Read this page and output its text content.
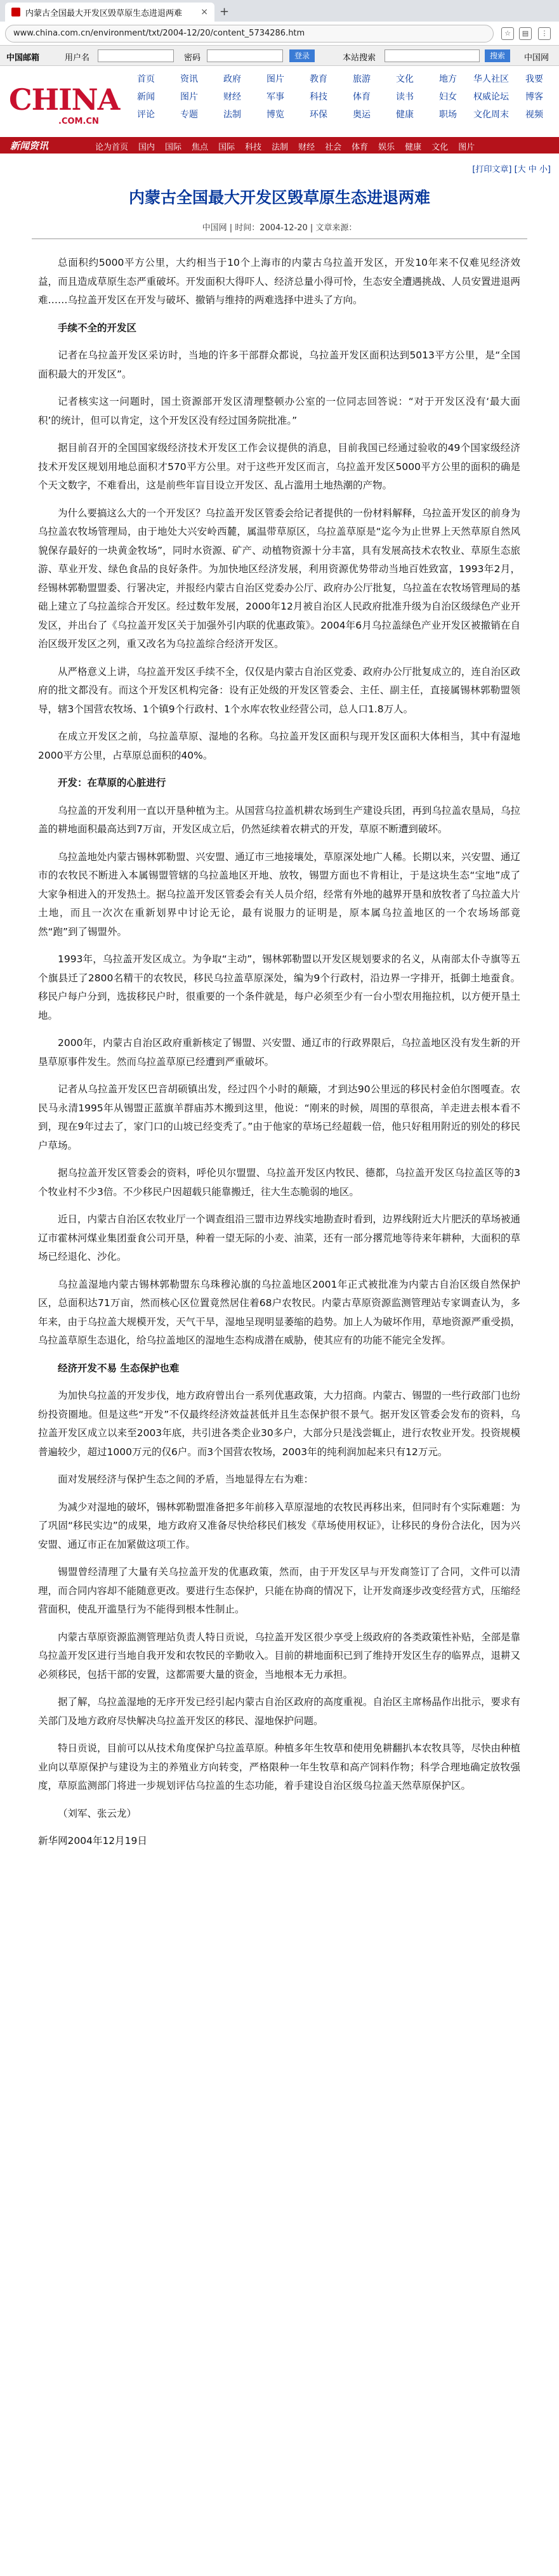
内蒙古全国最大开发区毁草原生态进退两难	× +
www.china.com.cn/environment/txt/2004-12/20/content_5734286.htm	☆	▤	⋮
中国邮箱	用户名	密码	登录	本站搜索	搜索	中国网
CHINA
.COM.CN
首页	资讯	政府	图片	教育	旅游	文化	地方	华人社区	我要
新闻	图片	财经	军事	科技	体育	读书	妇女	权威论坛	博客
评论	专题	法制	博览	环保	奥运	健康	职场	文化周末	视频
新闻资讯	论为首页 国内 国际 焦点 国际 科技 法制 财经 社会 体育 娱乐 健康 文化 图片
[打印文章] [大 中 小]
内蒙古全国最大开发区毁草原生态进退两难
中国网 | 时间：2004-12-20 | 文章来源：

总面积约5000平方公里，大约相当于10个上海市的内蒙古乌拉盖开发区，开发10年来不仅难见经济效益，而且造成草原生态严重破坏。开发面积大得吓人、经济总量小得可怜，生态安全遭遇挑战、人员安置进退两难……乌拉盖开发区在开发与破坏、撤销与维持的两难选择中进头了方向。

手续不全的开发区

记者在乌拉盖开发区采访时，当地的许多干部群众都说，乌拉盖开发区面积达到5013平方公里，是“全国面积最大的开发区”。

记者核实这一问题时，国土资源部开发区清理整顿办公室的一位同志回答说：“对于开发区没有‘最大面积’的统计，但可以肯定，这个开发区没有经过国务院批准。”

据目前召开的全国国家级经济技术开发区工作会议提供的消息，目前我国已经通过验收的49个国家级经济技术开发区规划用地总面积才570平方公里。对于这些开发区而言，乌拉盖开发区5000平方公里的面积的确是个天文数字，不难看出，这是前些年盲目设立开发区、乱占滥用土地热潮的产物。

为什么要搞这么大的一个开发区？乌拉盖开发区管委会给记者提供的一份材料解释，乌拉盖开发区的前身为乌拉盖农牧场管理局，由于地处大兴安岭西麓，属温带草原区，乌拉盖草原是“迄今为止世界上天然草原自然风貌保存最好的一块黄金牧场”，同时水资源、矿产、动植物资源十分丰富，具有发展高技术农牧业、草原生态旅游、草业开发、绿色食品的良好条件。为加快地区经济发展，利用资源优势带动当地百姓致富，1993年2月，经锡林郭勒盟盟委、行署决定，并报经内蒙古自治区党委办公厅、政府办公厅批复，乌拉盖在农牧场管理局的基础上建立了乌拉盖综合开发区。经过数年发展，2000年12月被自治区人民政府批准升级为自治区级绿色产业开发区，并出台了《乌拉盖开发区关于加强外引内联的优惠政策》。2004年6月乌拉盖绿色产业开发区被撤销在自治区级开发区之列，重又改名为乌拉盖综合经济开发区。

从严格意义上讲，乌拉盖开发区手续不全，仅仅是内蒙古自治区党委、政府办公厅批复成立的，连自治区政府的批文都没有。而这个开发区机构完备：设有正处级的开发区管委会、主任、副主任，直接属锡林郭勒盟领导，辖3个国营农牧场、1个镇9个行政村、1个水库农牧业经营公司，总人口1.8万人。

在成立开发区之前，乌拉盖草原、湿地的名称。乌拉盖开发区面积与现开发区面积大体相当，其中有湿地2000平方公里，占草原总面积的40%。

开发：在草原的心脏进行

乌拉盖的开发利用一直以开垦种植为主。从国营乌拉盖机耕农场到生产建设兵团，再到乌拉盖农垦局，乌拉盖的耕地面积最高达到7万亩，开发区成立后，仍然延续着农耕式的开发，草原不断遭到破坏。

乌拉盖地处内蒙古锡林郭勒盟、兴安盟、通辽市三地接壤处，草原深处地广人稀。长期以来，兴安盟、通辽市的农牧民不断进入本属锡盟管辖的乌拉盖地区开地、放牧，锡盟方面也不肯相让，于是这块生态“宝地”成了大家争相进入的开发热土。据乌拉盖开发区管委会有关人员介绍，经常有外地的越界开垦和放牧者了乌拉盖大片土地，而且一次次在重新划界中讨论无论，最有说服力的证明是，原本属乌拉盖地区的一个农场场部竟然“跑”到了锡盟外。

1993年，乌拉盖开发区成立。为争取“主动”，锡林郭勒盟以开发区规划要求的名义，从南部太仆寺旗等五个旗县迁了2800名精干的农牧民，移民乌拉盖草原深处，编为9个行政村，沿边界一字排开，抵御土地蚕食。移民户每户分到，选拔移民户时，很重要的一个条件就是，每户必须至少有一台小型农用拖拉机，以方便开垦土地。

2000年，内蒙古自治区政府重新核定了锡盟、兴安盟、通辽市的行政界限后，乌拉盖地区没有发生新的开垦草原事件发生。然而乌拉盖草原已经遭到严重破坏。

记者从乌拉盖开发区巴音胡硕镇出发，经过四个小时的颠簸，才到达90公里远的移民村金伯尔图嘎查。农民马永清1995年从锡盟正蓝旗羊群庙苏木搬到这里，他说：“刚来的时候，周围的草很高，羊走进去根本看不到，现在9年过去了，家门口的山坡已经变秃了。”由于他家的草场已经超载一倍，他只好租用附近的别处的移民户草场。

据乌拉盖开发区管委会的资料，呼伦贝尔盟盟、乌拉盖开发区内牧民、德都，乌拉盖开发区乌拉盖区等的3个牧业村不少3倍。不少移民户因超载只能靠搬迁，往大生态脆弱的地区。

近日，内蒙古自治区农牧业厅一个调查组沿三盟市边界线实地勘查时看到，边界线附近大片肥沃的草场被通辽市霍林河煤业集团蚕食公司开垦，种着一望无际的小麦、油菜，还有一部分撂荒地等待来年耕种，大面积的草场已经退化、沙化。

乌拉盖湿地内蒙古锡林郭勒盟东乌珠穆沁旗的乌拉盖地区2001年正式被批准为内蒙古自治区级自然保护区，总面积达71万亩，然而核心区位置竟然居住着68户农牧民。内蒙古草原资源监测管理站专家调查认为，多年来，由于乌拉盖大规模开发，天气干旱，湿地呈现明显萎缩的趋势。加上人为破坏作用，草地资源严重受损，乌拉盖草原生态退化，给乌拉盖地区的湿地生态构成潜在威胁，使其应有的功能不能完全发挥。

经济开发不易 生态保护也难

为加快乌拉盖的开发步伐，地方政府曾出台一系列优惠政策，大力招商。内蒙古、锡盟的一些行政部门也纷纷投资圈地。但是这些“开发”不仅最终经济效益甚低并且生态保护很不景气。据开发区管委会发布的资料，乌拉盖开发区成立以来至2003年底，共引进各类企业30多户，大部分只是浅尝辄止，进行农牧业开发。投资规模普遍较少，超过1000万元的仅6户。而3个国营农牧场，2003年的纯利润加起来只有12万元。

面对发展经济与保护生态之间的矛盾，当地显得左右为难：

为减少对湿地的破坏，锡林郭勒盟准备把多年前移入草原湿地的农牧民再移出来，但同时有个实际难题：为了巩固“移民实边”的成果，地方政府又准备尽快给移民们核发《草场使用权证》，让移民的身份合法化，因为兴安盟、通辽市正在加紧做这项工作。

锡盟曾经清理了大量有关乌拉盖开发的优惠政策，然而，由于开发区早与开发商签订了合同，文件可以清理，而合同内容却不能随意更改。要进行生态保护，只能在协商的情况下，让开发商逐步改变经营方式，压缩经营面积，使乱开滥垦行为不能得到根本性制止。

内蒙古草原资源监测管理站负责人特日贡说，乌拉盖开发区很少享受上级政府的各类政策性补贴，全部是靠乌拉盖开发区进行当地自我开发和农牧民的辛勤收入。目前的耕地面积已到了维持开发区生存的临界点，退耕又必须移民，包括干部的安置，这都需要大量的资金，当地根本无力承担。

据了解，乌拉盖湿地的无序开发已经引起内蒙古自治区政府的高度重视。自治区主席杨晶作出批示，要求有关部门及地方政府尽快解决乌拉盖开发区的移民、湿地保护问题。

特日贡说，目前可以从技术角度保护乌拉盖草原。种植多年生牧草和使用免耕翻扒本农牧具等，尽快由种植业向以草原保护与建设为主的养殖业方向转变，严格限种一年生牧草和高产饲料作物；科学合理地确定放牧强度，草原监测部门将进一步规划评估乌拉盖的生态功能，着手建设自治区级乌拉盖天然草原保护区。

（刘军、张云龙）

新华网2004年12月19日
